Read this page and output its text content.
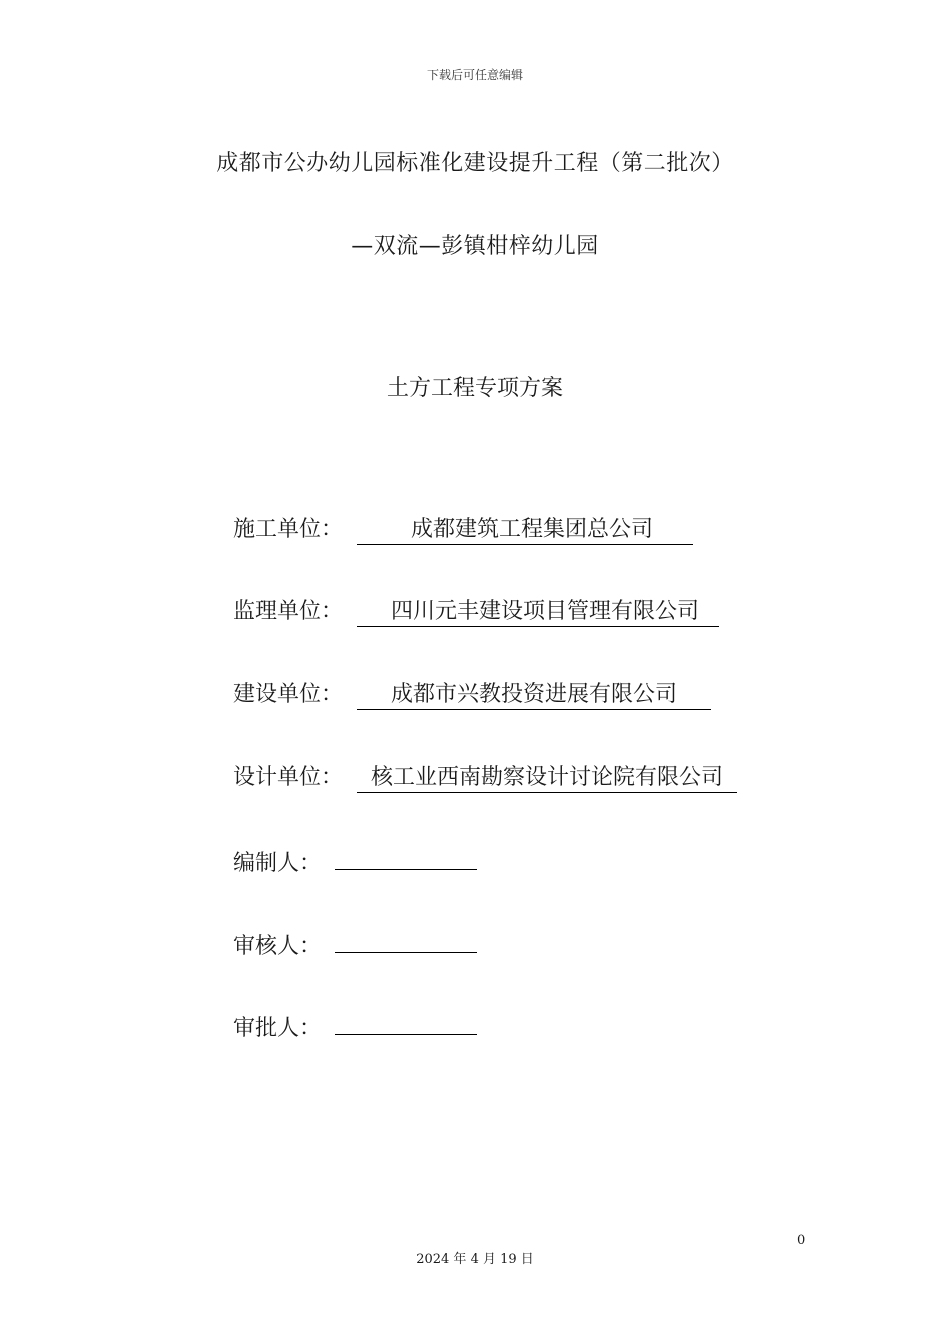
下载后可任意编辑
成都市公办幼儿园标准化建设提升工程（第二批次）
—双流—彭镇柑梓幼儿园
土方工程专项方案
施工单位：	成都建筑工程集团总公司
监理单位：	四川元丰建设项目管理有限公司
建设单位：	成都市兴教投资进展有限公司
设计单位：	核工业西南勘察设计讨论院有限公司
编制人：
审核人：
审批人：
0
2024 年 4 月 19 日
